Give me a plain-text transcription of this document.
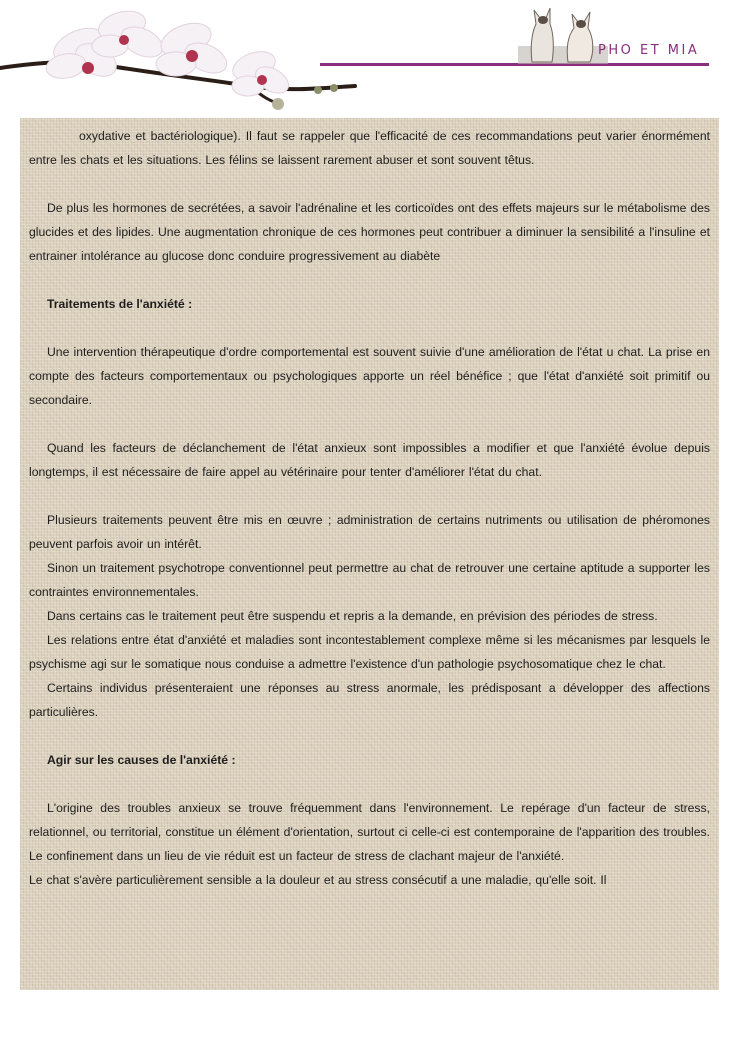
PHO ET MIA

oxydative et bactériologique). Il faut se rappeler que l'efficacité de ces recommandations peut varier énormément entre les chats et les situations. Les félins se laissent rarement abuser et sont souvent têtus.

De plus les hormones de secrétées, a savoir l'adrénaline et les corticoïdes ont des effets majeurs sur le métabolisme des glucides et des lipides. Une augmentation chronique de ces hormones peut contribuer a diminuer la sensibilité a l'insuline et entrainer intolérance au glucose donc conduire progressivement au diabète

Traitements de l'anxiété :

Une intervention thérapeutique d'ordre comportemental est souvent suivie d'une amélioration de l'état u chat. La prise en compte des facteurs comportementaux ou psychologiques apporte un réel bénéfice ; que l'état d'anxiété soit primitif ou secondaire.

Quand les facteurs de déclanchement de l'état anxieux sont impossibles a modifier et que l'anxiété évolue depuis longtemps, il est nécessaire de faire appel au vétérinaire pour tenter d'améliorer l'état du chat.

Plusieurs traitements peuvent être mis en œuvre ; administration de certains nutriments ou utilisation de phéromones peuvent parfois avoir un intérêt.

Sinon un traitement psychotrope conventionnel peut permettre au chat de retrouver une certaine aptitude a supporter les contraintes environnementales.

Dans certains cas le traitement peut être suspendu et repris a la demande, en prévision des périodes de stress.

Les relations entre état d'anxiété et maladies sont incontestablement complexe même si les mécanismes par lesquels le psychisme agi sur le somatique nous conduise a admettre l'existence d'un pathologie psychosomatique chez le chat.

Certains individus présenteraient une réponses au stress anormale, les prédisposant a développer des affections particulières.

Agir sur les causes de l'anxiété :

L'origine des troubles anxieux se trouve fréquemment dans l'environnement. Le repérage d'un facteur de stress, relationnel, ou territorial, constitue un élément d'orientation, surtout ci celle-ci est contemporaine de l'apparition des troubles. Le confinement dans un lieu de vie réduit est un facteur de stress de clachant majeur de l'anxiété.

Le chat s'avère particulièrement sensible a la douleur et au stress consécutif a une maladie, qu'elle soit. Il
